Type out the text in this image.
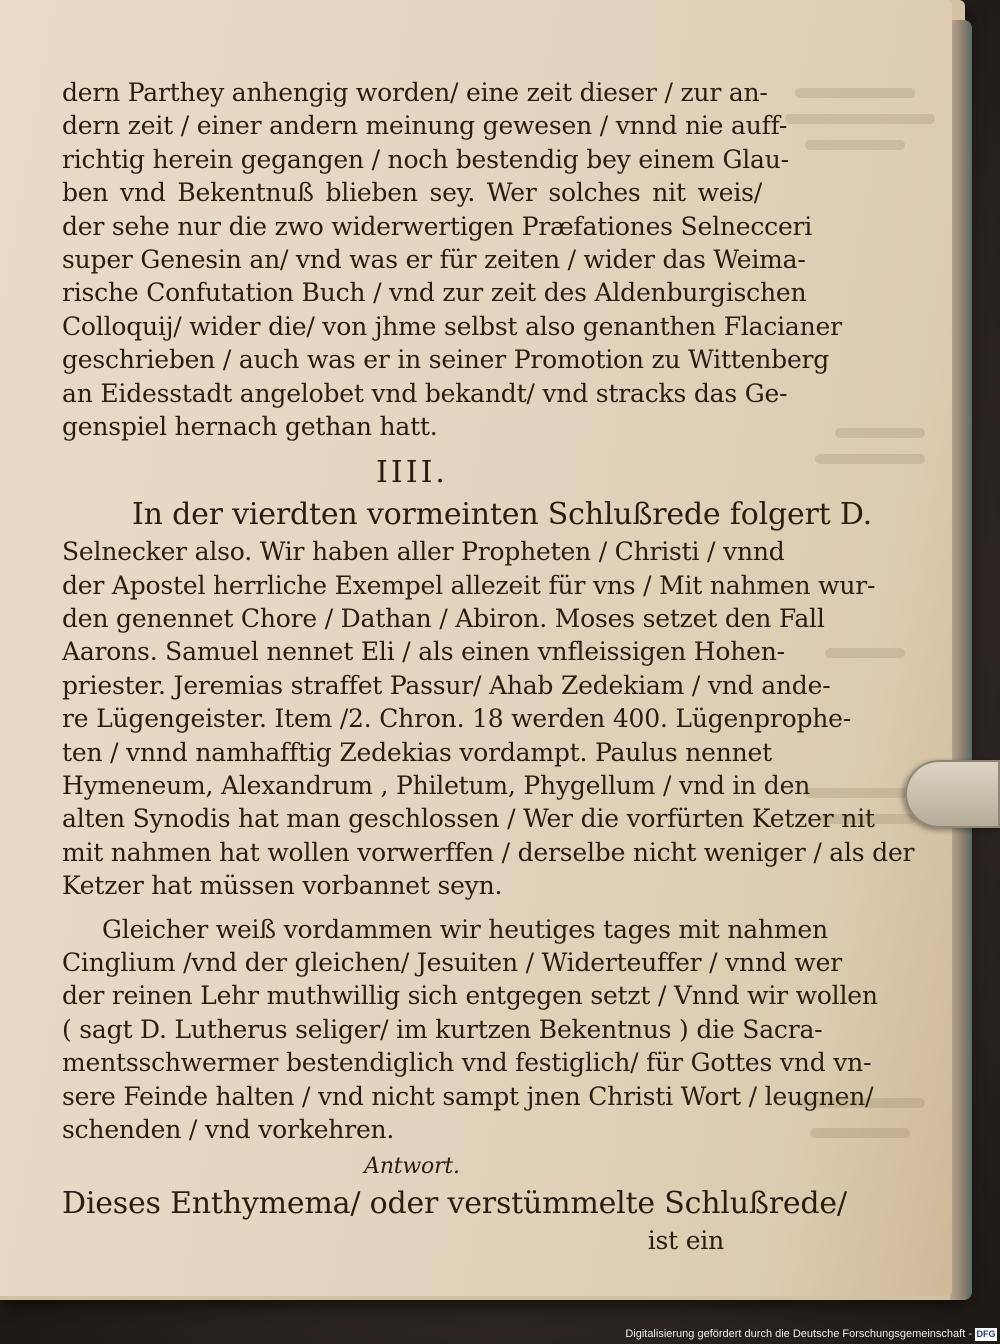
dern Parthey anhengig worden/ eine zeit dieser / zur an-
dern zeit / einer andern meinung gewesen / vnnd nie auff-
richtig herein gegangen / noch bestendig bey einem Glau-
ben vnd Bekentnuß blieben sey. Wer solches nit weis/
der sehe nur die zwo widerwertigen Præfationes Selnecceri
super Genesin an/ vnd was er für zeiten / wider das Weima-
rische Confutation Buch / vnd zur zeit des Aldenburgischen
Colloquij/ wider die/ von jhme selbst also genanthen Flacianer
geschrieben / auch was er in seiner Promotion zu Wittenberg
an Eidesstadt angelobet vnd bekandt/ vnd stracks das Ge-
genspiel hernach gethan hatt.
IIII.
In der vierdten vormeinten Schlußrede folgert D.
Selnecker also. Wir haben aller Propheten / Christi / vnnd
der Apostel herrliche Exempel allezeit für vns / Mit nahmen wur-
den genennet Chore / Dathan / Abiron. Moses setzet den Fall
Aarons. Samuel nennet Eli / als einen vnfleissigen Hohen-
priester. Jeremias straffet Passur/ Ahab Zedekiam / vnd ande-
re Lügengeister. Item /2. Chron. 18 werden 400. Lügenprophe-
ten / vnnd namhafftig Zedekias vordampt. Paulus nennet
Hymeneum, Alexandrum , Philetum, Phygellum / vnd in den
alten Synodis hat man geschlossen / Wer die vorfürten Ketzer nit
mit nahmen hat wollen vorwerffen / derselbe nicht weniger / als der
Ketzer hat müssen vorbannet seyn.
Gleicher weiß vordammen wir heutiges tages mit nahmen
Cinglium /vnd der gleichen/ Jesuiten / Widerteuffer / vnnd wer
der reinen Lehr muthwillig sich entgegen setzt / Vnnd wir wollen
( sagt D. Lutherus seliger/ im kurtzen Bekentnus ) die Sacra-
mentsschwermer bestendiglich vnd festiglich/ für Gottes vnd vn-
sere Feinde halten / vnd nicht sampt jnen Christi Wort / leugnen/
schenden / vnd vorkehren.
Antwort.
Dieses Enthymema/ oder verstümmelte Schlußrede/
ist ein
Digitalisierung gefördert durch die Deutsche Forschungsgemeinschaft - DFG
